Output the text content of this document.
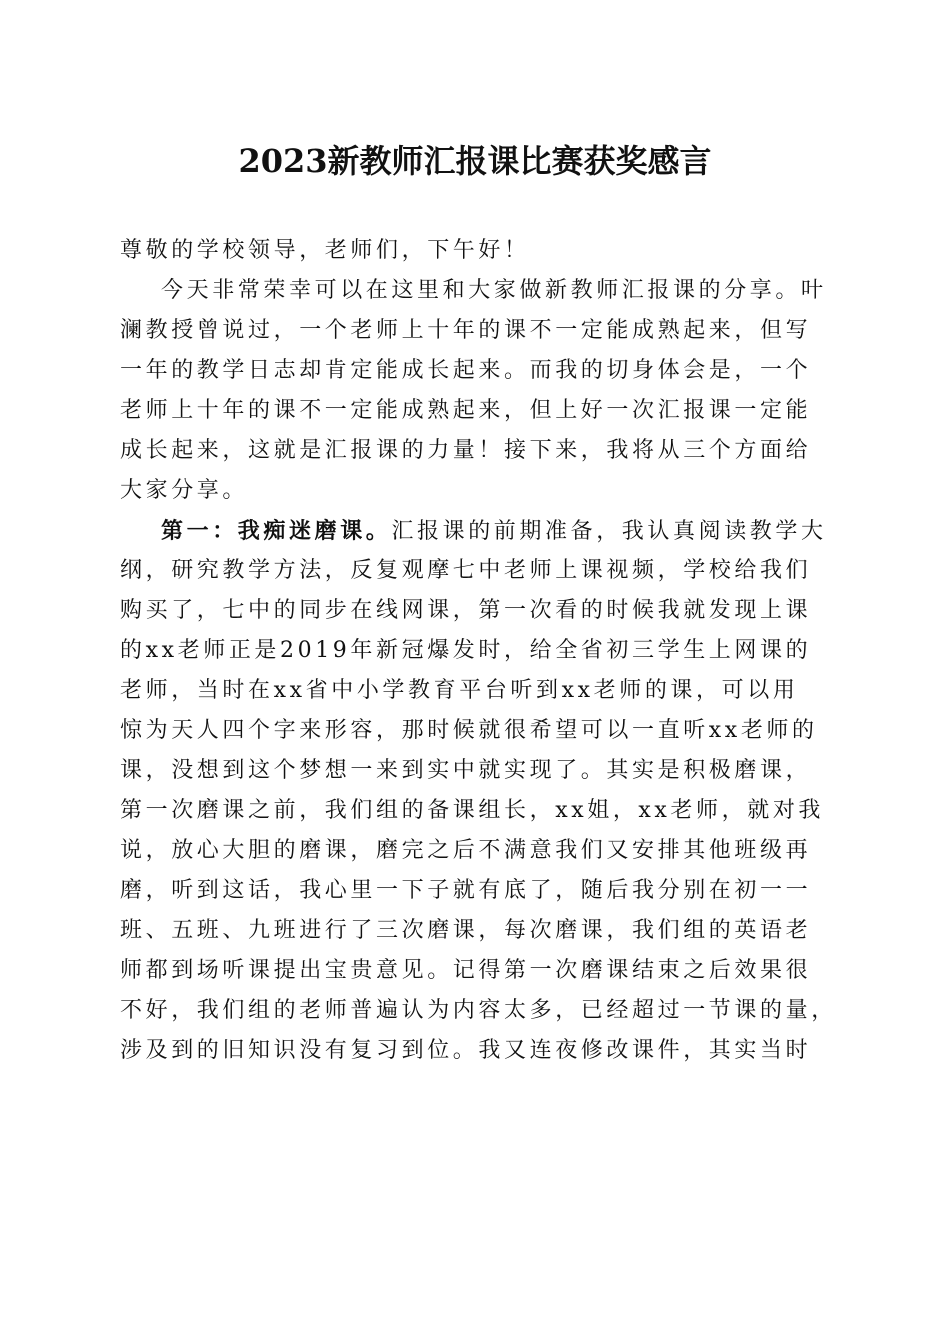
2023新教师汇报课比赛获奖感言
尊敬的学校领导，老师们，下午好！
今天非常荣幸可以在这里和大家做新教师汇报课的分享。叶
澜教授曾说过，一个老师上十年的课不一定能成熟起来，但写
一年的教学日志却肯定能成长起来。而我的切身体会是，一个
老师上十年的课不一定能成熟起来，但上好一次汇报课一定能
成长起来，这就是汇报课的力量！接下来，我将从三个方面给
大家分享。
第一：我痴迷磨课。汇报课的前期准备，我认真阅读教学大
纲，研究教学方法，反复观摩七中老师上课视频，学校给我们
购买了，七中的同步在线网课，第一次看的时候我就发现上课
的xx老师正是2019年新冠爆发时，给全省初三学生上网课的
老师，当时在xx省中小学教育平台听到xx老师的课，可以用
惊为天人四个字来形容，那时候就很希望可以一直听xx老师的
课，没想到这个梦想一来到实中就实现了。其实是积极磨课，
第一次磨课之前，我们组的备课组长，xx姐，xx老师，就对我
说，放心大胆的磨课，磨完之后不满意我们又安排其他班级再
磨，听到这话，我心里一下子就有底了，随后我分别在初一一
班、五班、九班进行了三次磨课，每次磨课，我们组的英语老
师都到场听课提出宝贵意见。记得第一次磨课结束之后效果很
不好，我们组的老师普遍认为内容太多，已经超过一节课的量，
涉及到的旧知识没有复习到位。我又连夜修改课件，其实当时
